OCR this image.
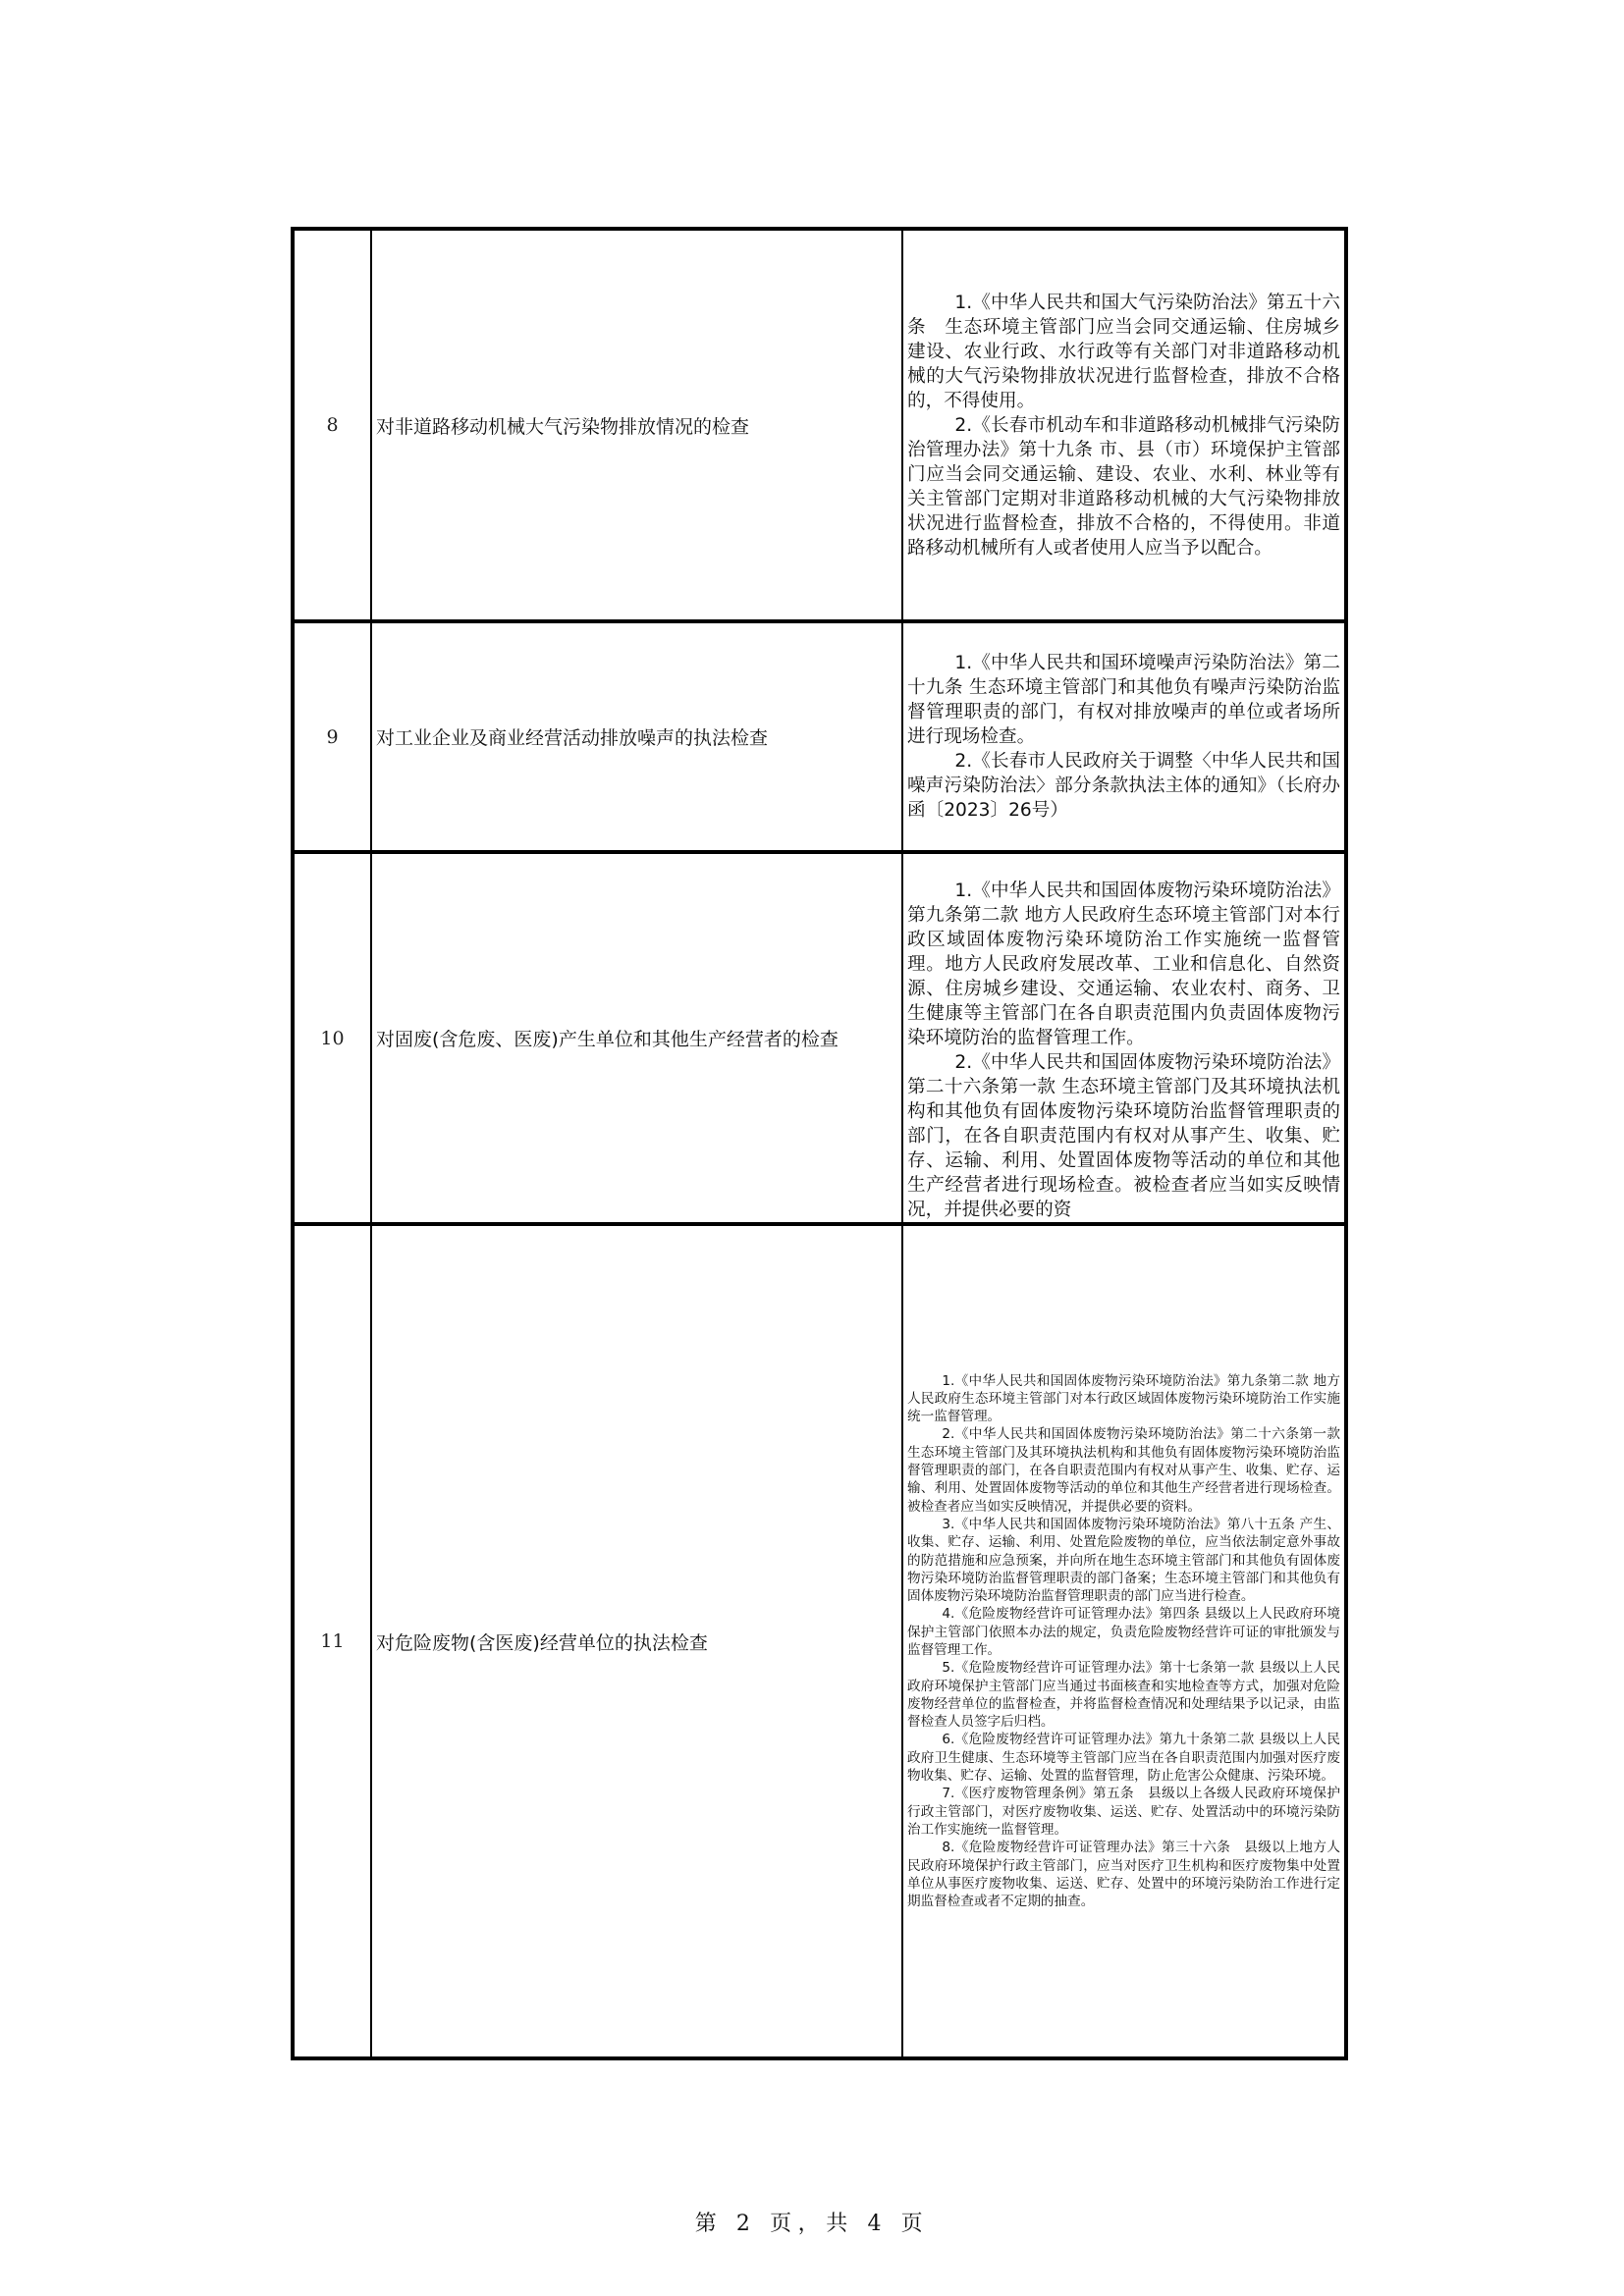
8	对非道路移动机械大气污染物排放情况的检查	1.《中华人民共和国大气污染防治法》第五十六条　生态环境主管部门应当会同交通运输、住房城乡建设、农业行政、水行政等有关部门对非道路移动机械的大气污染物排放状况进行监督检查，排放不合格的，不得使用。

2.《长春市机动车和非道路移动机械排气污染防治管理办法》第十九条 市、县（市）环境保护主管部门应当会同交通运输、建设、农业、水利、林业等有关主管部门定期对非道路移动机械的大气污染物排放状况进行监督检查，排放不合格的，不得使用。非道路移动机械所有人或者使用人应当予以配合。

9	对工业企业及商业经营活动排放噪声的执法检查	1.《中华人民共和国环境噪声污染防治法》第二十九条 生态环境主管部门和其他负有噪声污染防治监督管理职责的部门，有权对排放噪声的单位或者场所进行现场检查。

2.《长春市人民政府关于调整〈中华人民共和国噪声污染防治法〉部分条款执法主体的通知》（长府办函〔2023〕26号）

10	对固废(含危废、医废)产生单位和其他生产经营者的检查	1.《中华人民共和国固体废物污染环境防治法》第九条第二款 地方人民政府生态环境主管部门对本行政区域固体废物污染环境防治工作实施统一监督管理。地方人民政府发展改革、工业和信息化、自然资源、住房城乡建设、交通运输、农业农村、商务、卫生健康等主管部门在各自职责范围内负责固体废物污染环境防治的监督管理工作。

2.《中华人民共和国固体废物污染环境防治法》第二十六条第一款 生态环境主管部门及其环境执法机构和其他负有固体废物污染环境防治监督管理职责的部门，在各自职责范围内有权对从事产生、收集、贮存、运输、利用、处置固体废物等活动的单位和其他生产经营者进行现场检查。被检查者应当如实反映情况，并提供必要的资

11	对危险废物(含医废)经营单位的执法检查	

1.《中华人民共和国固体废物污染环境防治法》第九条第二款 地方人民政府生态环境主管部门对本行政区域固体废物污染环境防治工作实施统一监督管理。

2.《中华人民共和国固体废物污染环境防治法》第二十六条第一款 生态环境主管部门及其环境执法机构和其他负有固体废物污染环境防治监督管理职责的部门，在各自职责范围内有权对从事产生、收集、贮存、运输、利用、处置固体废物等活动的单位和其他生产经营者进行现场检查。被检查者应当如实反映情况，并提供必要的资料。

3.《中华人民共和国固体废物污染环境防治法》第八十五条 产生、收集、贮存、运输、利用、处置危险废物的单位，应当依法制定意外事故的防范措施和应急预案，并向所在地生态环境主管部门和其他负有固体废物污染环境防治监督管理职责的部门备案；生态环境主管部门和其他负有固体废物污染环境防治监督管理职责的部门应当进行检查。

4.《危险废物经营许可证管理办法》第四条 县级以上人民政府环境保护主管部门依照本办法的规定，负责危险废物经营许可证的审批颁发与监督管理工作。

5.《危险废物经营许可证管理办法》第十七条第一款 县级以上人民政府环境保护主管部门应当通过书面核查和实地检查等方式，加强对危险废物经营单位的监督检查，并将监督检查情况和处理结果予以记录，由监督检查人员签字后归档。

6.《危险废物经营许可证管理办法》第九十条第二款 县级以上人民政府卫生健康、生态环境等主管部门应当在各自职责范围内加强对医疗废物收集、贮存、运输、处置的监督管理，防止危害公众健康、污染环境。

7.《医疗废物管理条例》第五条　县级以上各级人民政府环境保护行政主管部门，对医疗废物收集、运送、贮存、处置活动中的环境污染防治工作实施统一监督管理。

8.《危险废物经营许可证管理办法》第三十六条　县级以上地方人民政府环境保护行政主管部门，应当对医疗卫生机构和医疗废物集中处置单位从事医疗废物收集、运送、贮存、处置中的环境污染防治工作进行定期监督检查或者不定期的抽查。

第 2 页，共 4 页
